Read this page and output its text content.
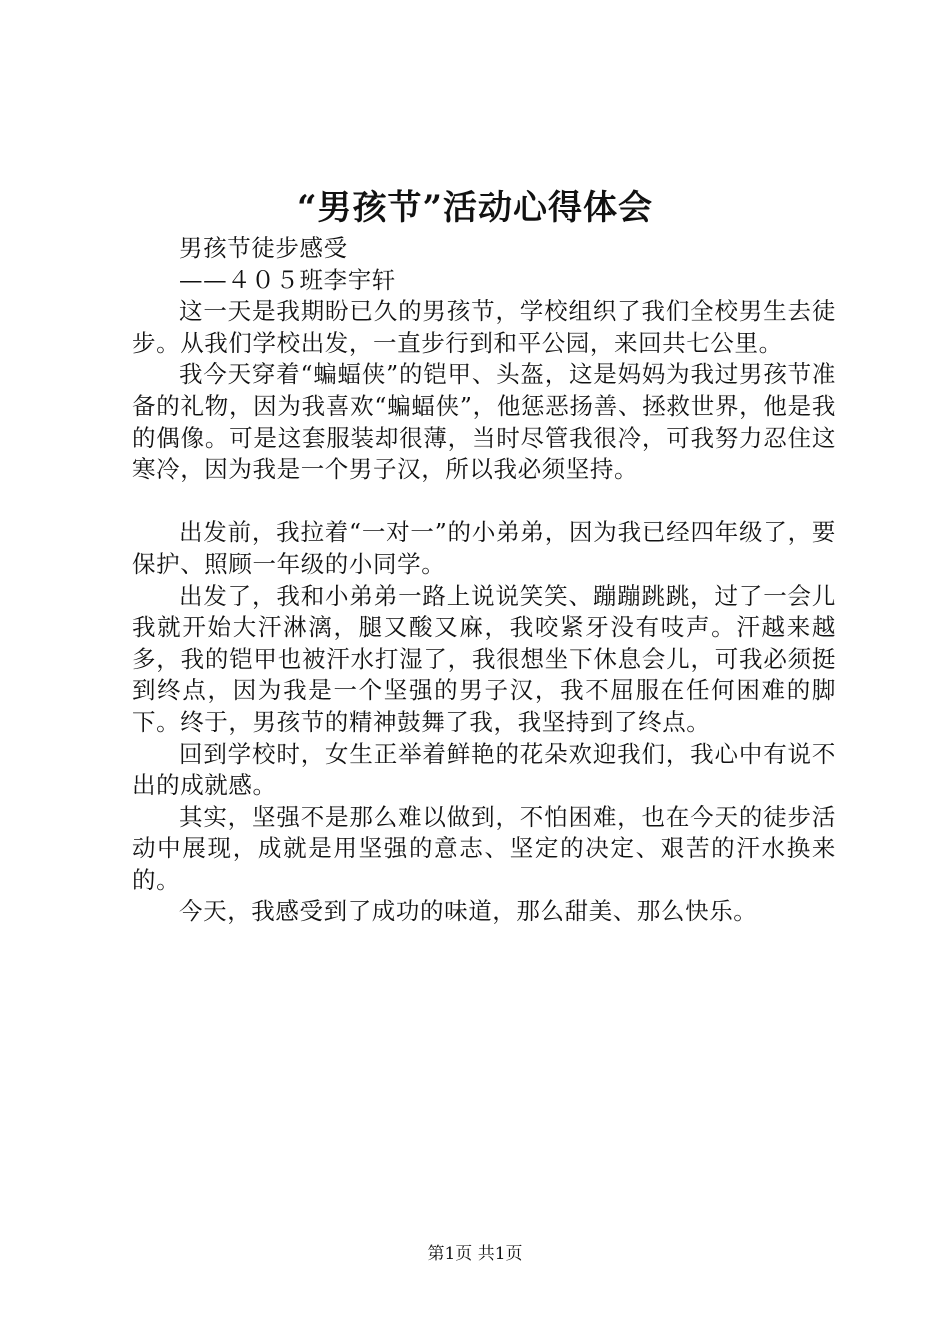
“男孩节”活动心得体会

男孩节徒步感受

——４０５班李宇轩

这一天是我期盼已久的男孩节，学校组织了我们全校男生去徒步。从我们学校出发，一直步行到和平公园，来回共七公里。

我今天穿着“蝙蝠侠”的铠甲、头盔，这是妈妈为我过男孩节准备的礼物，因为我喜欢“蝙蝠侠”，他惩恶扬善、拯救世界，他是我的偶像。可是这套服装却很薄，当时尽管我很冷，可我努力忍住这寒冷，因为我是一个男子汉，所以我必须坚持。

出发前，我拉着“一对一”的小弟弟，因为我已经四年级了，要保护、照顾一年级的小同学。

出发了，我和小弟弟一路上说说笑笑、蹦蹦跳跳，过了一会儿我就开始大汗淋漓，腿又酸又麻，我咬紧牙没有吱声。汗越来越多，我的铠甲也被汗水打湿了，我很想坐下休息会儿，可我必须挺到终点，因为我是一个坚强的男子汉，我不屈服在任何困难的脚下。终于，男孩节的精神鼓舞了我，我坚持到了终点。

回到学校时，女生正举着鲜艳的花朵欢迎我们，我心中有说不出的成就感。

其实，坚强不是那么难以做到，不怕困难，也在今天的徒步活动中展现，成就是用坚强的意志、坚定的决定、艰苦的汗水换来的。

今天，我感受到了成功的味道，那么甜美、那么快乐。

第1页 共1页
